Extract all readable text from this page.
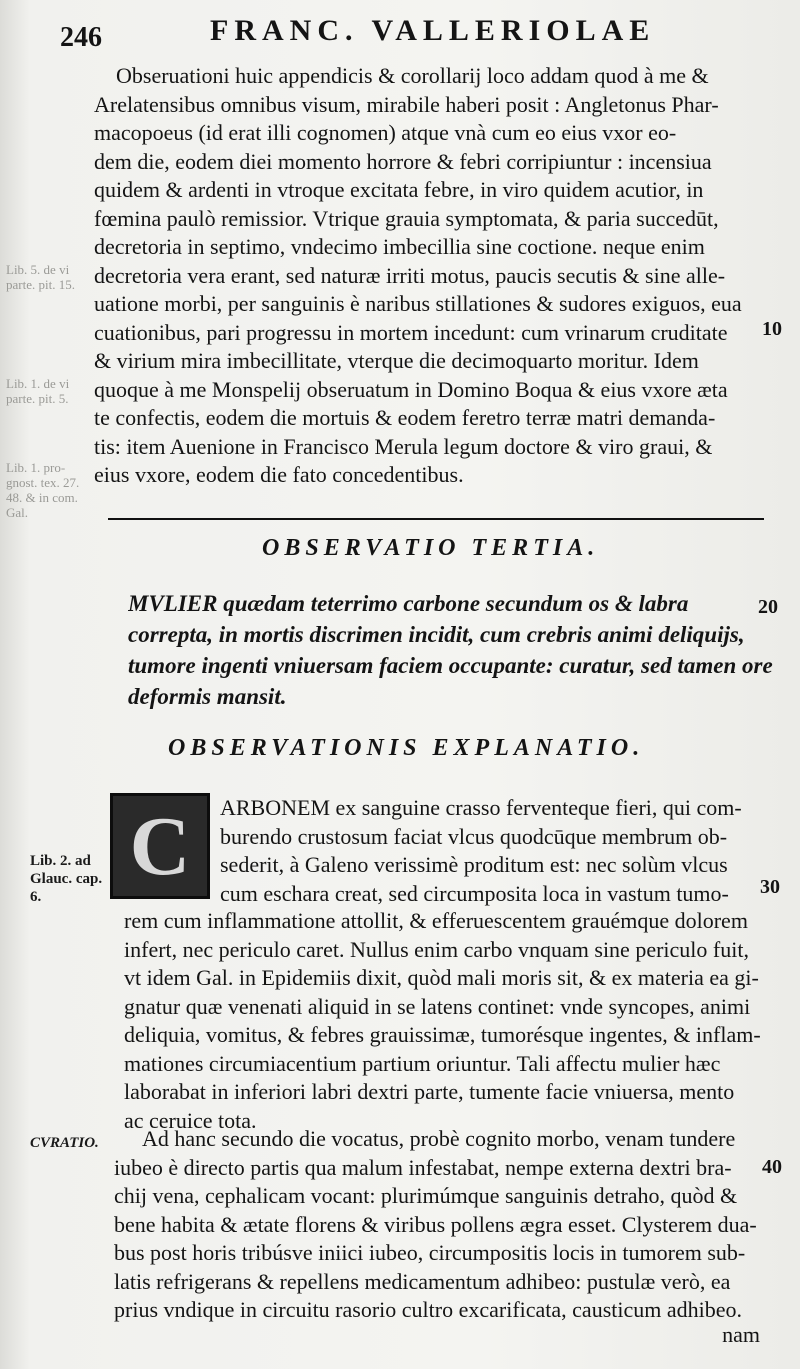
Lib. 5. de vi parte. pit. 15.
Lib. 1. de vi parte. pit. 5.
Lib. 1. pro- gnost. tex. 27. 48. & in com. Gal.
246	FRANC. VALLERIOLAE
Obseruationi huic appendicis & corollarij loco addam quod à me &
Arelatensibus omnibus visum, mirabile haberi posit : Angletonus Phar-
macopoeus (id erat illi cognomen) atque vnà cum eo eius vxor eo-
dem die, eodem diei momento horrore & febri corripiuntur : incensiua
quidem & ardenti in vtroque excitata febre, in viro quidem acutior, in
fœmina paulò remissior. Vtrique grauia symptomata, & paria succedūt,
decretoria in septimo, vndecimo imbecillia sine coctione. neque enim
decretoria vera erant, sed naturæ irriti motus, paucis secutis & sine alle-
uatione morbi, per sanguinis è naribus stillationes & sudores exiguos, eua
cuationibus, pari progressu in mortem incedunt: cum vrinarum cruditate
& virium mira imbecillitate, vterque die decimoquarto moritur. Idem
quoque à me Monspelij obseruatum in Domino Boqua & eius vxore æta
te confectis, eodem die mortuis & eodem feretro terræ matri demanda-
tis: item Auenione in Francisco Merula legum doctore & viro graui, &
eius vxore, eodem die fato concedentibus.
10

OBSERVATIO TERTIA.
MVLIER quædam teterrimo carbone secundum os & labra
correpta, in mortis discrimen incidit, cum crebris animi deliquijs,
tumore ingenti vniuersam faciem occupante: curatur, sed tamen ore
deformis mansit.
20
OBSERVATIONIS EXPLANATIO.
C ARBONEM ex sanguine crasso ferventeque fieri, qui com-
burendo crustosum faciat vlcus quodcūque membrum ob-
sederit, à Galeno verissimè proditum est: nec solùm vlcus
cum eschara creat, sed circumposita loca in vastum tumo-
Lib. 2. ad Glauc. cap. 6.	30
rem cum inflammatione attollit, & efferuescentem grauémque dolorem
infert, nec periculo caret. Nullus enim carbo vnquam sine periculo fuit,
vt idem Gal. in Epidemiis dixit, quòd mali moris sit, & ex materia ea gi-
gnatur quæ venenati aliquid in se latens continet: vnde syncopes, animi
deliquia, vomitus, & febres grauissimæ, tumorésque ingentes, & inflam-
mationes circumiacentium partium oriuntur. Tali affectu mulier hæc
laborabat in inferiori labri dextri parte, tumente facie vniuersa, mento
ac ceruice tota.
CVRATIO.	Ad hanc secundo die vocatus, probè cognito morbo, venam tundere
iubeo è directo partis qua malum infestabat, nempe externa dextri bra-
chij vena, cephalicam vocant: plurimúmque sanguinis detraho, quòd &
bene habita & ætate florens & viribus pollens ægra esset. Clysterem dua-
bus post horis tribúsve iniici iubeo, circumpositis locis in tumorem sub-
latis refrigerans & repellens medicamentum adhibeo: pustulæ verò, ea
prius vndique in circuitu rasorio cultro excarificata, causticum adhibeo.
40
nam
